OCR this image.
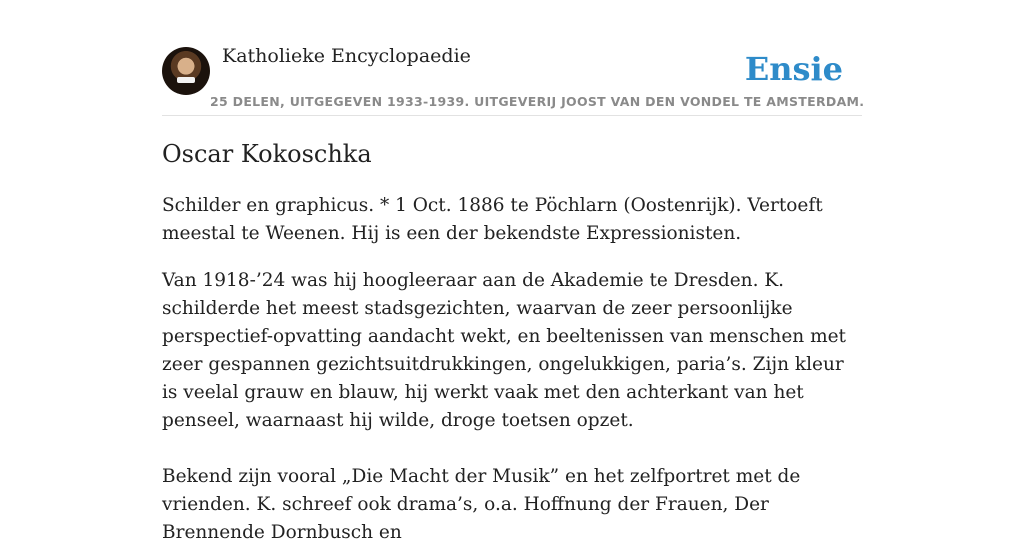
Katholieke Encyclopaedie
25 DELEN, UITGEGEVEN 1933-1939. UITGEVERIJ JOOST VAN DEN VONDEL TE AMSTERDAM.
Ensie
Oscar Kokoschka

Schilder en graphicus. * 1 Oct. 1886 te Pöchlarn (Oostenrijk). Vertoeft meestal te Weenen. Hij is een der bekendste Expressionisten.

Van 1918-’24 was hij hoogleeraar aan de Akademie te Dresden. K. schilderde het meest stadsgezichten, waarvan de zeer persoonlijke perspectief-opvatting aandacht wekt, en beeltenissen van menschen met zeer gespannen gezichtsuitdrukkingen, ongelukkigen, paria’s. Zijn kleur is veelal grauw en blauw, hij werkt vaak met den achterkant van het penseel, waarnaast hij wilde, droge toetsen opzet.

Bekend zijn vooral „Die Macht der Musik” en het zelfportret met de vrienden. K. schreef ook drama’s, o.a. Hoffnung der Frauen, Der Brennende Dornbusch en
